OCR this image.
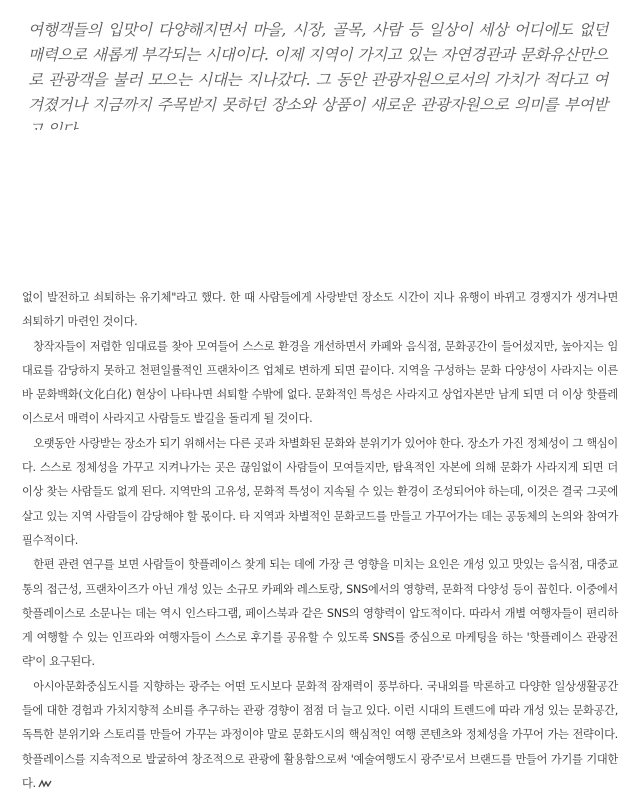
여행객들의 입맛이 다양해지면서 마을, 시장, 골목, 사람 등 일상이 세상 어디에도 없던 매력으로 새롭게 부각되는 시대이다. 이제 지역이 가지고 있는 자연경관과 문화유산만으로 관광객을 불러 모으는 시대는 지나갔다. 그 동안 관광자원으로서의 가치가 적다고 여겨졌거나 지금까지 주목받지 못하던 장소와 상품이 새로운 관광자원으로 의미를 부여받

없이 발전하고 쇠퇴하는 유기체"라고 했다. 한 때 사람들에게 사랑받던 장소도 시간이 지나 유행이 바뀌고 경쟁지가 생겨나면 쇠퇴하기 마련인 것이다.

창작자들이 저렴한 임대료를 찾아 모여들어 스스로 환경을 개선하면서 카페와 음식점, 문화공간이 들어섰지만, 높아지는 임대료를 감당하지 못하고 천편일률적인 프랜차이즈 업체로 변하게 되면 끝이다. 지역을 구성하는 문화 다양성이 사라지는 이른바 문화백화(文化白化) 현상이 나타나면 쇠퇴할 수밖에 없다. 문화적인 특성은 사라지고 상업자본만 남게 되면 더 이상 핫플레이스로서 매력이 사라지고 사람들도 발길을 돌리게 될 것이다.

오랫동안 사랑받는 장소가 되기 위해서는 다른 곳과 차별화된 문화와 분위기가 있어야 한다. 장소가 가진 정체성이 그 핵심이다. 스스로 정체성을 가꾸고 지켜나가는 곳은 끊임없이 사람들이 모여들지만, 탐욕적인 자본에 의해 문화가 사라지게 되면 더 이상 찾는 사람들도 없게 된다. 지역만의 고유성, 문화적 특성이 지속될 수 있는 환경이 조성되어야 하는데, 이것은 결국 그곳에 살고 있는 지역 사람들이 감당해야 할 몫이다. 타 지역과 차별적인 문화코드를 만들고 가꾸어가는 데는 공동체의 논의와 참여가 필수적이다.

한편 관련 연구를 보면 사람들이 핫플레이스 찾게 되는 데에 가장 큰 영향을 미치는 요인은 개성 있고 맛있는 음식점, 대중교통의 접근성, 프랜차이즈가 아닌 개성 있는 소규모 카페와 레스토랑, SNS에서의 영향력, 문화적 다양성 등이 꼽힌다. 이중에서 핫플레이스로 소문나는 데는 역시 인스타그램, 페이스북과 같은 SNS의 영향력이 압도적이다. 따라서 개별 여행자들이 편리하게 여행할 수 있는 인프라와 여행자들이 스스로 후기를 공유할 수 있도록 SNS를 중심으로 마케팅을 하는 '핫플레이스 관광전략'이 요구된다.

아시아문화중심도시를 지향하는 광주는 어떤 도시보다 문화적 잠재력이 풍부하다. 국내외를 막론하고 다양한 일상생활공간들에 대한 경험과 가치지향적 소비를 추구하는 관광 경향이 점점 더 늘고 있다. 이런 시대의 트렌드에 따라 개성 있는 문화공간, 독특한 분위기와 스토리를 만들어 가꾸는 과정이야 말로 문화도시의 핵심적인 여행 콘텐츠와 정체성을 가꾸어 가는 전략이다. 핫플레이스를 지속적으로 발굴하여 창조적으로 관광에 활용함으로써 '예술여행도시 광주'로서 브랜드를 만들어 가기를 기대한다.
